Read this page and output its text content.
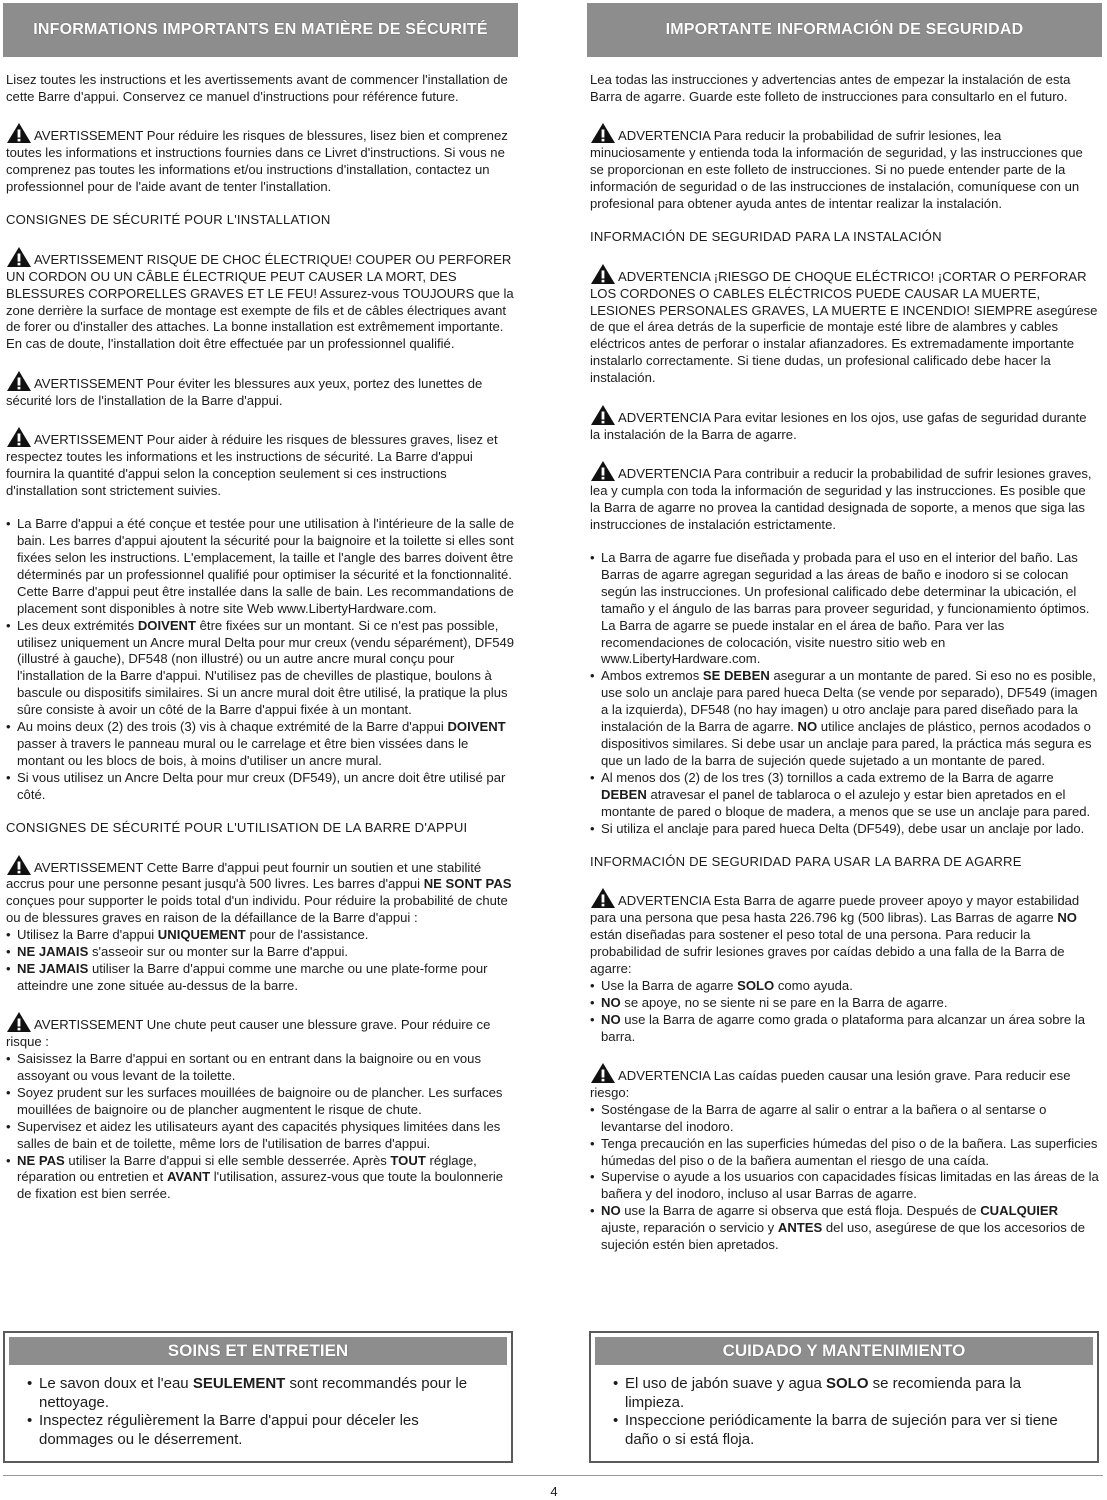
INFORMATIONS IMPORTANTS EN MATIÈRE DE SÉCURITÉ

Lisez toutes les instructions et les avertissements avant de commencer l'installation de cette Barre d'appui. Conservez ce manuel d'instructions pour référence future.

AVERTISSEMENT Pour réduire les risques de blessures, lisez bien et comprenez toutes les informations et instructions fournies dans ce Livret d'instructions. Si vous ne comprenez pas toutes les informations et/ou instructions d'installation, contactez un professionnel pour de l'aide avant de tenter l'installation.

CONSIGNES DE SÉCURITÉ POUR L'INSTALLATION

AVERTISSEMENT RISQUE DE CHOC ÉLECTRIQUE! COUPER OU PERFORER UN CORDON OU UN CÂBLE ÉLECTRIQUE PEUT CAUSER LA MORT, DES BLESSURES CORPORELLES GRAVES ET LE FEU! Assurez-vous TOUJOURS que la zone derrière la surface de montage est exempte de fils et de câbles électriques avant de forer ou d'installer des attaches. La bonne installation est extrêmement importante. En cas de doute, l'installation doit être effectuée par un professionnel qualifié.

AVERTISSEMENT Pour éviter les blessures aux yeux, portez des lunettes de sécurité lors de l'installation de la Barre d'appui.

AVERTISSEMENT Pour aider à réduire les risques de blessures graves, lisez et respectez toutes les informations et les instructions de sécurité. La Barre d'appui fournira la quantité d'appui selon la conception seulement si ces instructions d'installation sont strictement suivies.

• La Barre d'appui a été conçue et testée pour une utilisation à l'intérieure de la salle de bain. Les barres d'appui ajoutent la sécurité pour la baignoire et la toilette si elles sont fixées selon les instructions. L'emplacement, la taille et l'angle des barres doivent être déterminés par un professionnel qualifié pour optimiser la sécurité et la fonctionnalité. Cette Barre d'appui peut être installée dans la salle de bain. Les recommandations de placement sont disponibles à notre site Web www.LibertyHardware.com.
• Les deux extrémités DOIVENT être fixées sur un montant. Si ce n'est pas possible, utilisez uniquement un Ancre mural Delta pour mur creux (vendu séparément), DF549 (illustré à gauche), DF548 (non illustré) ou un autre ancre mural conçu pour l'installation de la Barre d'appui. N'utilisez pas de chevilles de plastique, boulons à bascule ou dispositifs similaires. Si un ancre mural doit être utilisé, la pratique la plus sûre consiste à avoir un côté de la Barre d'appui fixée à un montant.
• Au moins deux (2) des trois (3) vis à chaque extrémité de la Barre d'appui DOIVENT passer à travers le panneau mural ou le carrelage et être bien vissées dans le montant ou les blocs de bois, à moins d'utiliser un ancre mural.
• Si vous utilisez un Ancre Delta pour mur creux (DF549), un ancre doit être utilisé par côté.
CONSIGNES DE SÉCURITÉ POUR L'UTILISATION DE LA BARRE D'APPUI
AVERTISSEMENT Cette Barre d'appui peut fournir un soutien et une stabilité accrus pour une personne pesant jusqu'à 500 livres. Les barres d'appui NE SONT PAS conçues pour supporter le poids total d'un individu. Pour réduire la probabilité de chute ou de blessures graves en raison de la défaillance de la Barre d'appui :
• Utilisez la Barre d'appui UNIQUEMENT pour de l'assistance.
• NE JAMAIS s'asseoir sur ou monter sur la Barre d'appui.
• NE JAMAIS utiliser la Barre d'appui comme une marche ou une plate-forme pour atteindre une zone située au-dessus de la barre.
AVERTISSEMENT Une chute peut causer une blessure grave. Pour réduire ce risque :
• Saisissez la Barre d'appui en sortant ou en entrant dans la baignoire ou en vous assoyant ou vous levant de la toilette.
• Soyez prudent sur les surfaces mouillées de baignoire ou de plancher. Les surfaces mouillées de baignoire ou de plancher augmentent le risque de chute.
• Supervisez et aidez les utilisateurs ayant des capacités physiques limitées dans les salles de bain et de toilette, même lors de l'utilisation de barres d'appui.
• NE PAS utiliser la Barre d'appui si elle semble desserrée. Après TOUT réglage, réparation ou entretien et AVANT l'utilisation, assurez-vous que toute la boulonnerie de fixation est bien serrée.
IMPORTANTE INFORMACIÓN DE SEGURIDAD

Lea todas las instrucciones y advertencias antes de empezar la instalación de esta Barra de agarre. Guarde este folleto de instrucciones para consultarlo en el futuro.

ADVERTENCIA Para reducir la probabilidad de sufrir lesiones, lea minuciosamente y entienda toda la información de seguridad, y las instrucciones que se proporcionan en este folleto de instrucciones. Si no puede entender parte de la información de seguridad o de las instrucciones de instalación, comuníquese con un profesional para obtener ayuda antes de intentar realizar la instalación.

INFORMACIÓN DE SEGURIDAD PARA LA INSTALACIÓN

ADVERTENCIA ¡RIESGO DE CHOQUE ELÉCTRICO! ¡CORTAR O PERFORAR LOS CORDONES O CABLES ELÉCTRICOS PUEDE CAUSAR LA MUERTE, LESIONES PERSONALES GRAVES, LA MUERTE E INCENDIO! SIEMPRE asegúrese de que el área detrás de la superficie de montaje esté libre de alambres y cables eléctricos antes de perforar o instalar afianzadores. Es extremadamente importante instalarlo correctamente. Si tiene dudas, un profesional calificado debe hacer la instalación.

ADVERTENCIA Para evitar lesiones en los ojos, use gafas de seguridad durante la instalación de la Barra de agarre.

ADVERTENCIA Para contribuir a reducir la probabilidad de sufrir lesiones graves, lea y cumpla con toda la información de seguridad y las instrucciones. Es posible que la Barra de agarre no provea la cantidad designada de soporte, a menos que siga las instrucciones de instalación estrictamente.

• La Barra de agarre fue diseñada y probada para el uso en el interior del baño. Las Barras de agarre agregan seguridad a las áreas de baño e inodoro si se colocan según las instrucciones. Un profesional calificado debe determinar la ubicación, el tamaño y el ángulo de las barras para proveer seguridad, y funcionamiento óptimos. La Barra de agarre se puede instalar en el área de baño. Para ver las recomendaciones de colocación, visite nuestro sitio web en www.LibertyHardware.com.
• Ambos extremos SE DEBEN asegurar a un montante de pared. Si eso no es posible, use solo un anclaje para pared hueca Delta (se vende por separado), DF549 (imagen a la izquierda), DF548 (no hay imagen) u otro anclaje para pared diseñado para la instalación de la Barra de agarre. NO utilice anclajes de plástico, pernos acodados o dispositivos similares. Si debe usar un anclaje para pared, la práctica más segura es que un lado de la barra de sujeción quede sujetado a un montante de pared.
• Al menos dos (2) de los tres (3) tornillos a cada extremo de la Barra de agarre DEBEN atravesar el panel de tablaroca o el azulejo y estar bien apretados en el montante de pared o bloque de madera, a menos que se use un anclaje para pared.
• Si utiliza el anclaje para pared hueca Delta (DF549), debe usar un anclaje por lado.
INFORMACIÓN DE SEGURIDAD PARA USAR LA BARRA DE AGARRE
ADVERTENCIA Esta Barra de agarre puede proveer apoyo y mayor estabilidad para una persona que pesa hasta 226.796 kg (500 libras). Las Barras de agarre NO están diseñadas para sostener el peso total de una persona. Para reducir la probabilidad de sufrir lesiones graves por caídas debido a una falla de la Barra de agarre:
• Use la Barra de agarre SOLO como ayuda.
• NO se apoye, no se siente ni se pare en la Barra de agarre.
• NO use la Barra de agarre como grada o plataforma para alcanzar un área sobre la barra.
ADVERTENCIA Las caídas pueden causar una lesión grave. Para reducir ese riesgo:
• Sosténgase de la Barra de agarre al salir o entrar a la bañera o al sentarse o levantarse del inodoro.
• Tenga precaución en las superficies húmedas del piso o de la bañera. Las superficies húmedas del piso o de la bañera aumentan el riesgo de una caída.
• Supervise o ayude a los usuarios con capacidades físicas limitadas en las áreas de la bañera y del inodoro, incluso al usar Barras de agarre.
• NO use la Barra de agarre si observa que está floja. Después de CUALQUIER ajuste, reparación o servicio y ANTES del uso, asegúrese de que los accesorios de sujeción estén bien apretados.
SOINS ET ENTRETIEN
• Le savon doux et l'eau SEULEMENT sont recommandés pour le nettoyage.
• Inspectez régulièrement la Barre d'appui pour déceler les dommages ou le déserrement.
CUIDADO Y MANTENIMIENTO
• El uso de jabón suave y agua SOLO se recomienda para la limpieza.
• Inspeccione periódicamente la barra de sujeción para ver si tiene daño o si está floja.
4
